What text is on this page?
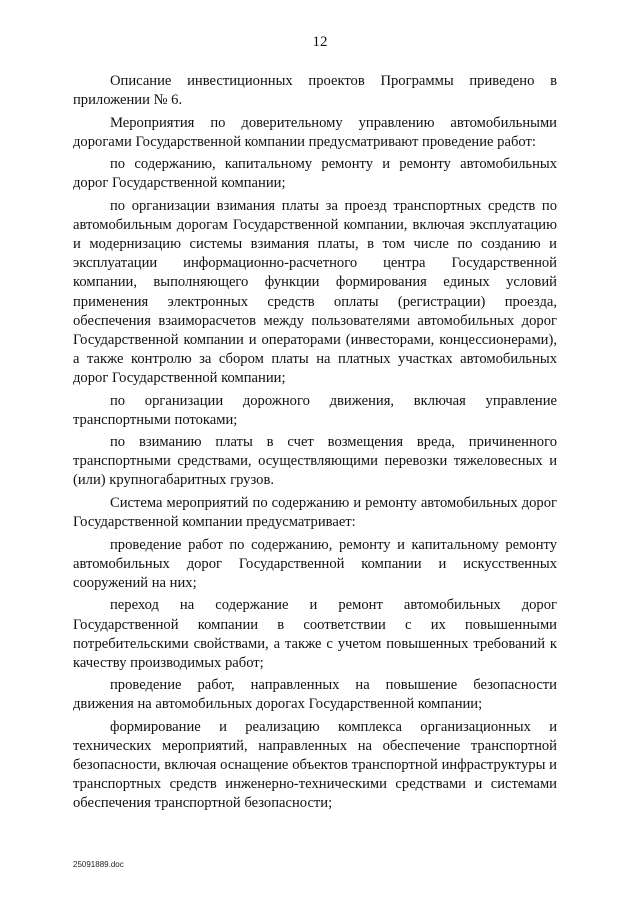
12

Описание инвестиционных проектов Программы приведено в приложении № 6.

Мероприятия по доверительному управлению автомобильными дорогами Государственной компании предусматривают проведение работ:

по содержанию, капитальному ремонту и ремонту автомобильных дорог Государственной компании;

по организации взимания платы за проезд транспортных средств по автомобильным дорогам Государственной компании, включая эксплуатацию и модернизацию системы взимания платы, в том числе по созданию и эксплуатации информационно-расчетного центра Государственной компании, выполняющего функции формирования единых условий применения электронных средств оплаты (регистрации) проезда, обеспечения взаиморасчетов между пользователями автомобильных дорог Государственной компании и операторами (инвесторами, концессионерами), а также контролю за сбором платы на платных участках автомобильных дорог Государственной компании;

по организации дорожного движения, включая управление транспортными потоками;

по взиманию платы в счет возмещения вреда, причиненного транспортными средствами, осуществляющими перевозки тяжеловесных и (или) крупногабаритных грузов.

Система мероприятий по содержанию и ремонту автомобильных дорог Государственной компании предусматривает:

проведение работ по содержанию, ремонту и капитальному ремонту автомобильных дорог Государственной компании и искусственных сооружений на них;

переход на содержание и ремонт автомобильных дорог Государственной компании в соответствии с их повышенными потребительскими свойствами, а также с учетом повышенных требований к качеству производимых работ;

проведение работ, направленных на повышение безопасности движения на автомобильных дорогах Государственной компании;

формирование и реализацию комплекса организационных и технических мероприятий, направленных на обеспечение транспортной безопасности, включая оснащение объектов транспортной инфраструктуры и транспортных средств инженерно-техническими средствами и системами обеспечения транспортной безопасности;

25091889.doc
